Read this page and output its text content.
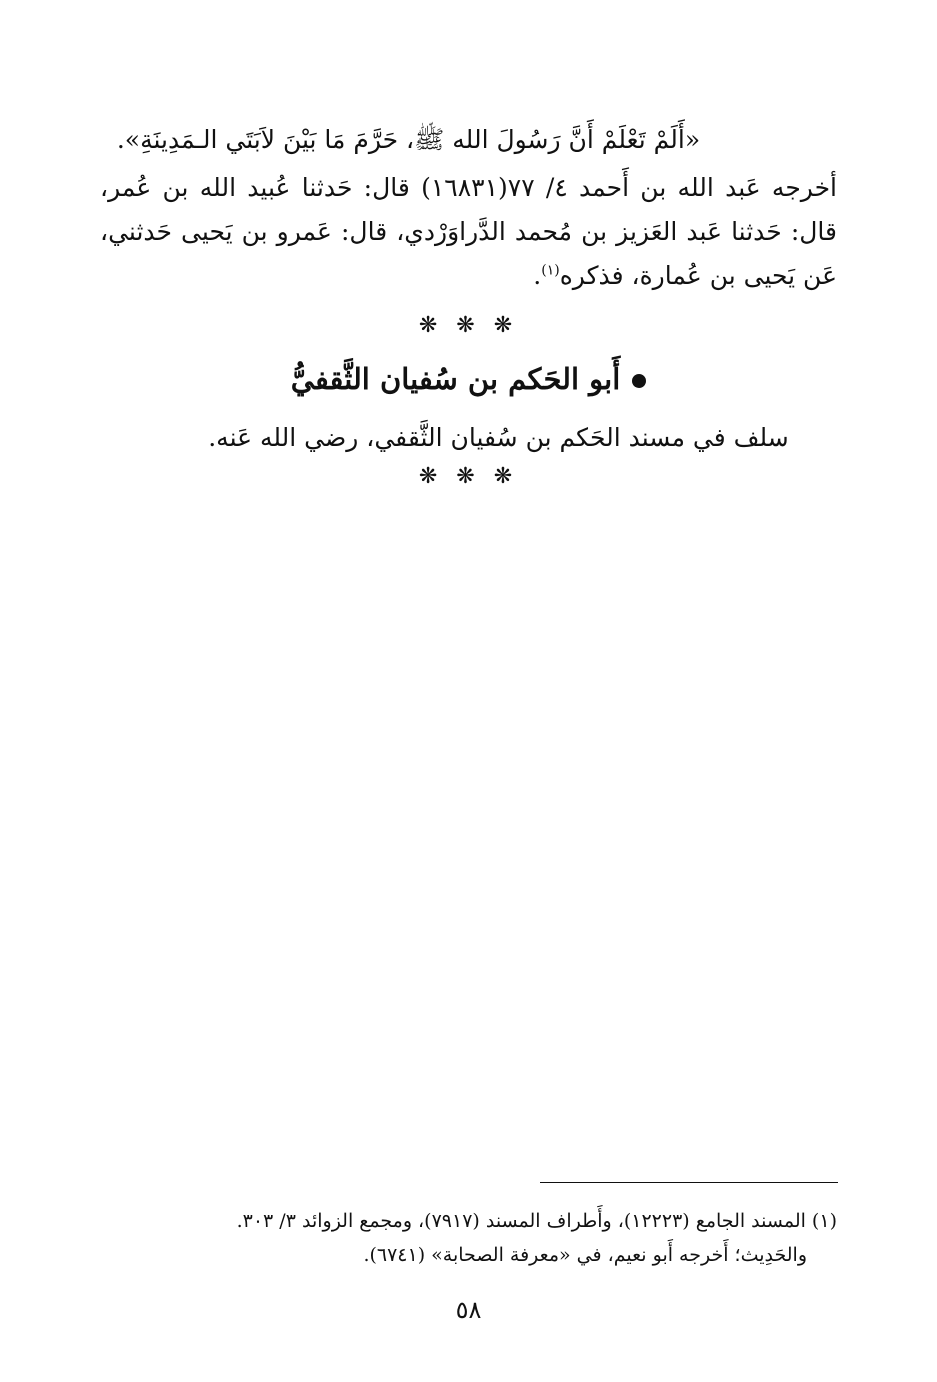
«أَلَمْ تَعْلَمْ أَنَّ رَسُولَ الله ﷺ، حَرَّمَ مَا بَيْنَ لاَبَتَي الـمَدِينَةِ».
أخرجه عَبد الله بن أَحمد ٤/ ٧٧(١٦٨٣١) قال: حَدثنا عُبيد الله بن عُمر، قال: حَدثنا عَبد العَزيز بن مُحمد الدَّراوَرْدي، قال: عَمرو بن يَحيى حَدثني، عَن يَحيى بن عُمارة، فذكره$^{(١)}$.
❋ ❋ ❋
أَبو الحَكم بن سُفيان الثَّقفيُّ
سلف في مسند الحَكم بن سُفيان الثَّقفي، رضي الله عَنه.
❋ ❋ ❋
(١) المسند الجامع (١٢٢٢٣)، وأَطراف المسند (٧٩١٧)، ومجمع الزوائد ٣/ ٣٠٣.
والحَدِيث؛ أَخرجه أَبو نعيم، في «معرفة الصحابة» (٦٧٤١).
٥٨
